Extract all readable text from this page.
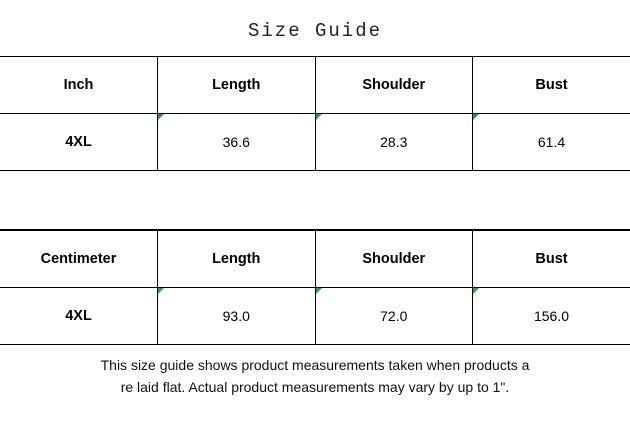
Size Guide
Inch	Length	Shoulder	Bust

4XL	36.6	28.3	61.4
Centimeter	Length	Shoulder	Bust

4XL	93.0	72.0	156.0
This size guide shows product measurements taken when products a
re laid flat. Actual product measurements may vary by up to 1".
